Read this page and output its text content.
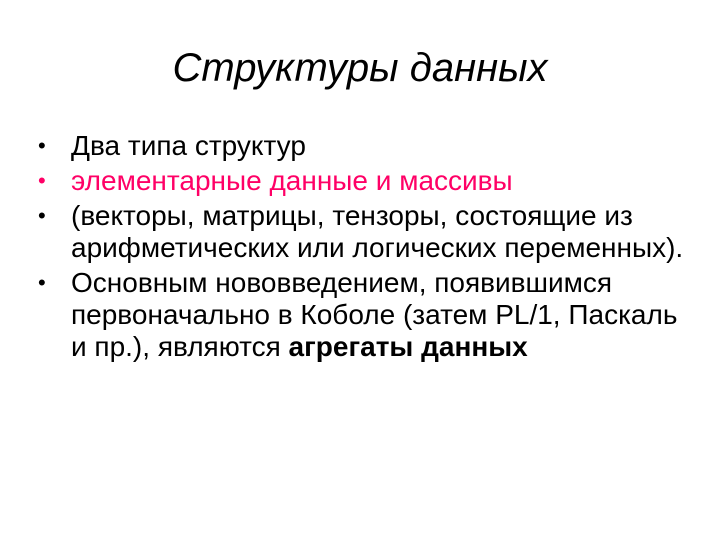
Структуры данных
• Два типа структур
• элементарные данные и массивы
• (векторы, матрицы, тензоры, состоящие из арифметических или логических переменных).
• Основным нововведением, появившимся первоначально в Коболе (затем PL/1, Паскаль и пр.), являются агрегаты данных
